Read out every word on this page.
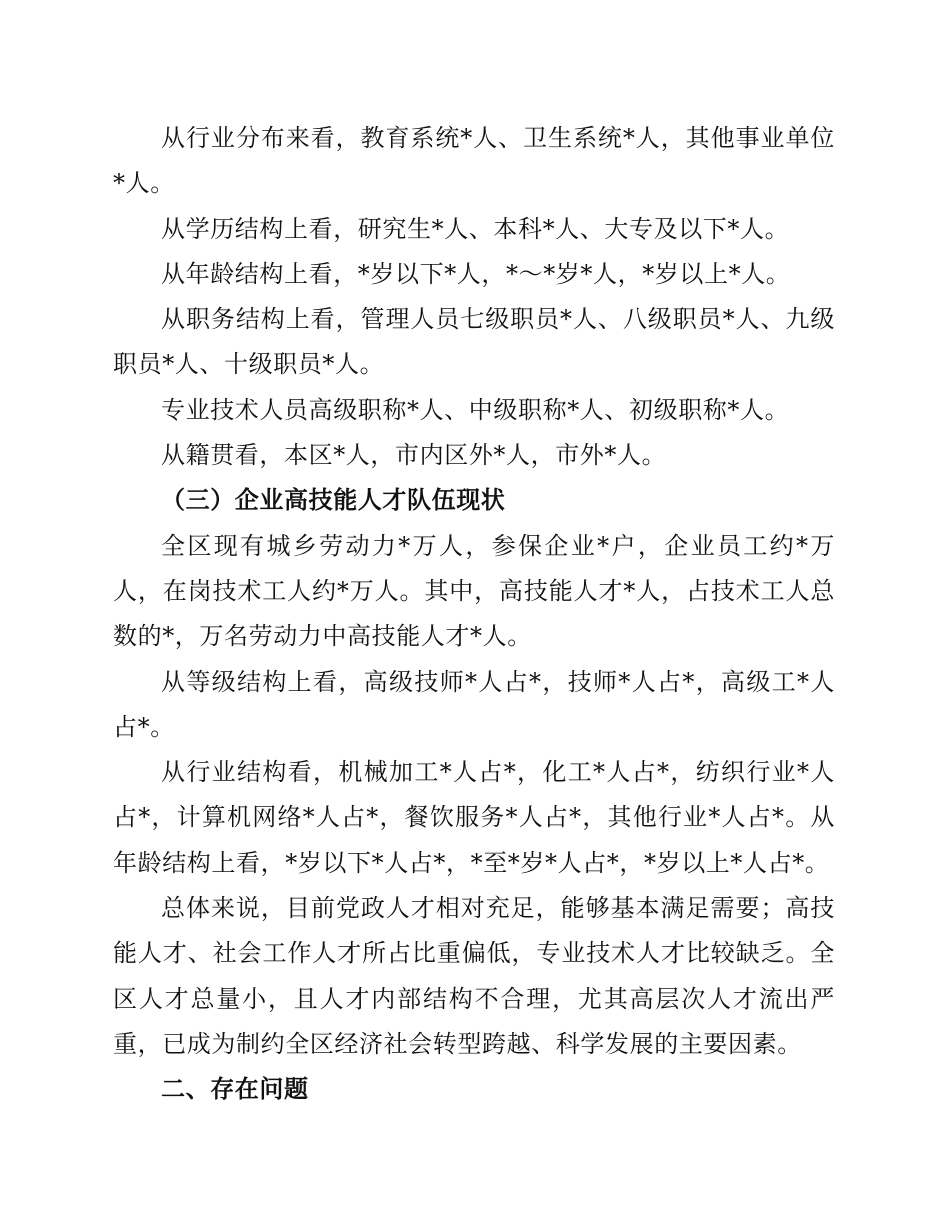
从行业分布来看，教育系统*人、卫生系统*人，其他事业单位*人。

从学历结构上看，研究生*人、本科*人、大专及以下*人。

从年龄结构上看，*岁以下*人，*～*岁*人，*岁以上*人。

从职务结构上看，管理人员七级职员*人、八级职员*人、九级职员*人、十级职员*人。

专业技术人员高级职称*人、中级职称*人、初级职称*人。

从籍贯看，本区*人，市内区外*人，市外*人。

（三）企业高技能人才队伍现状

全区现有城乡劳动力*万人，参保企业*户，企业员工约*万人，在岗技术工人约*万人。其中，高技能人才*人，占技术工人总数的*，万名劳动力中高技能人才*人。

从等级结构上看，高级技师*人占*，技师*人占*，高级工*人占*。

从行业结构看，机械加工*人占*，化工*人占*，纺织行业*人占*，计算机网络*人占*，餐饮服务*人占*，其他行业*人占*。从年龄结构上看，*岁以下*人占*，*至*岁*人占*，*岁以上*人占*。

总体来说，目前党政人才相对充足，能够基本满足需要；高技能人才、社会工作人才所占比重偏低，专业技术人才比较缺乏。全区人才总量小，且人才内部结构不合理，尤其高层次人才流出严重，已成为制约全区经济社会转型跨越、科学发展的主要因素。

二、存在问题
